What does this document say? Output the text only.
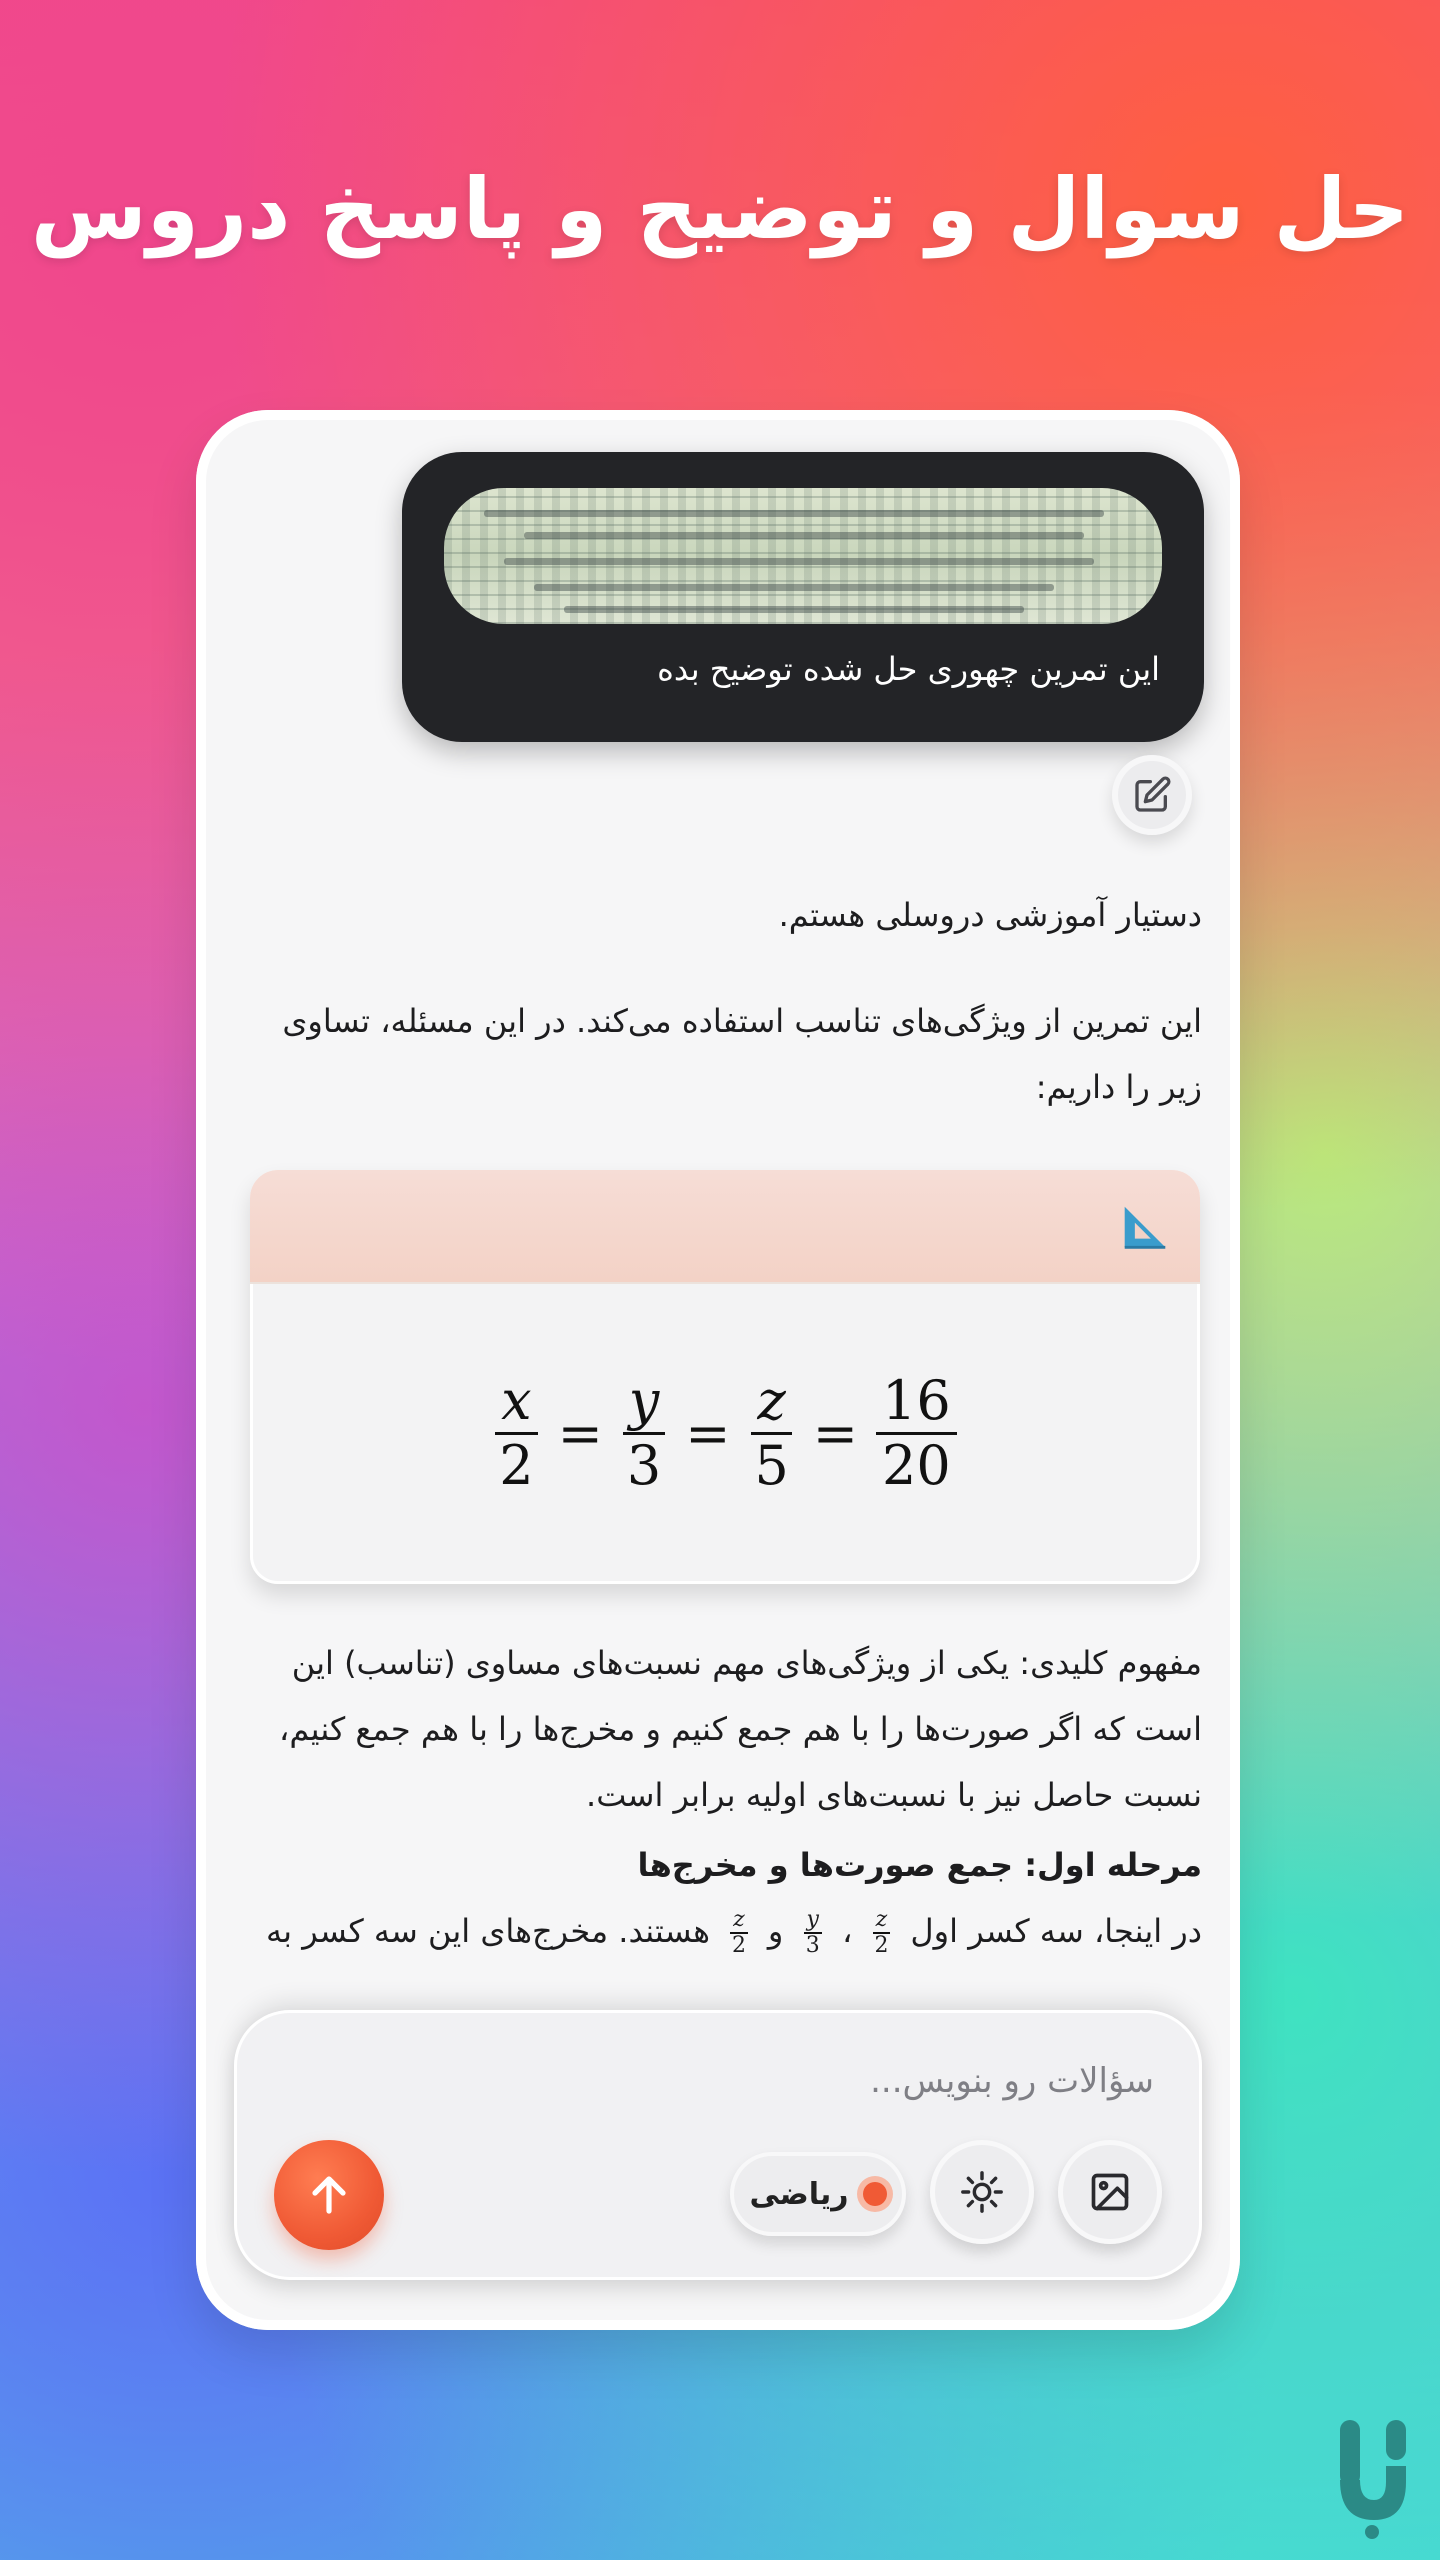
حل سوال و توضیح و پاسخ دروس
این تمرین چهوری حل شده توضیح بده
دستیار آموزشی دروسلی هستم.
این تمرین از ویژگی‌های تناسب استفاده می‌کند. در این مسئله، تساوی زیر را داریم:
$\frac{x}{2} = \frac{y}{3} = \frac{z}{5} = \frac{16}{20}$
مفهوم کلیدی: یکی از ویژگی‌های مهم نسبت‌های مساوی (تناسب) این است که اگر صورت‌ها را با هم جمع کنیم و مخرج‌ها را با هم جمع کنیم، نسبت حاصل نیز با نسبت‌های اولیه برابر است.
مرحله اول: جمع صورت‌ها و مخرج‌ها
در اینجا، سه کسر اول
$\frac{z}{2}$
،
$\frac{y}{3}$
و
$\frac{z}{2}$
هستند. مخرج‌های این سه کسر به
سؤالات رو بنویس...
ریاضی
